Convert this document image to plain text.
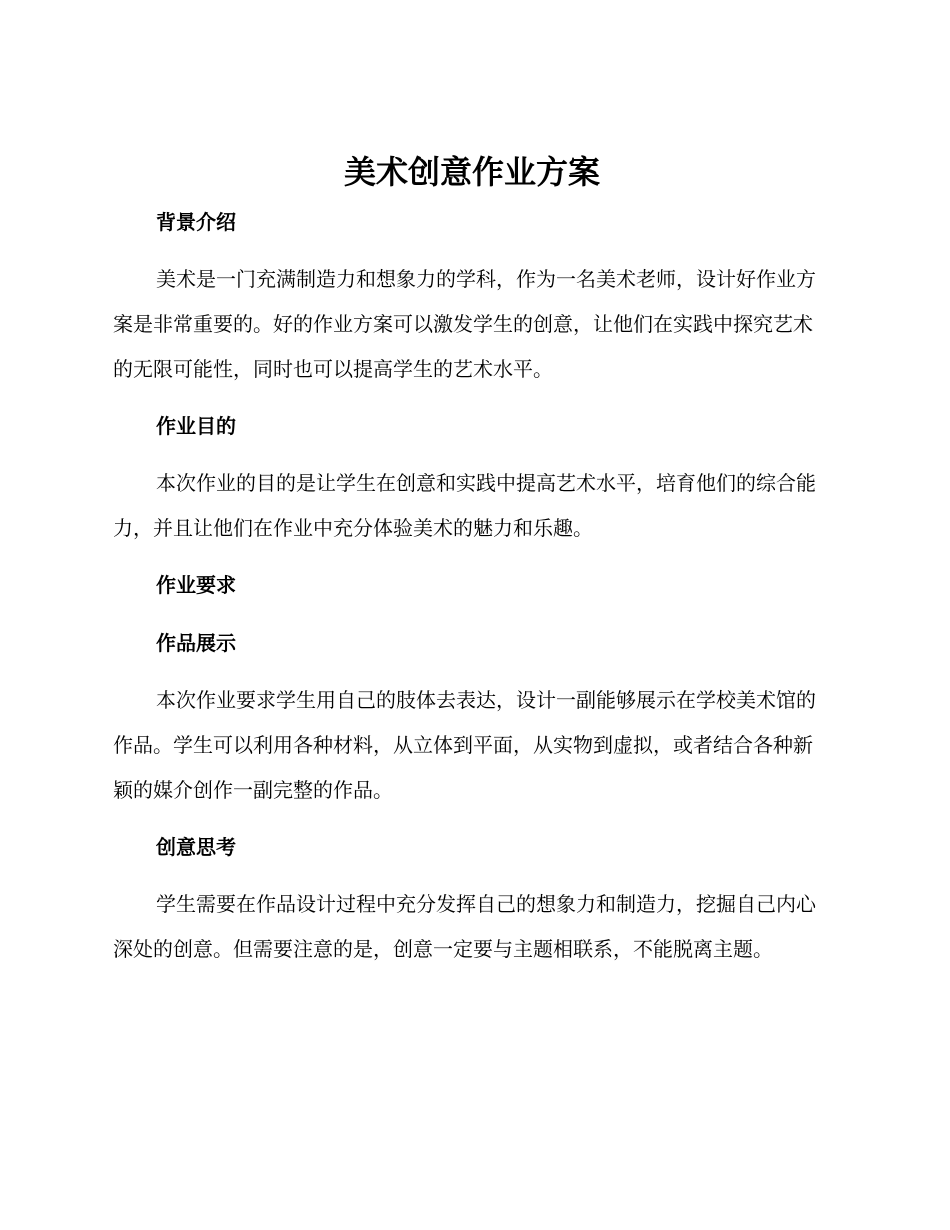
美术创意作业方案
背景介绍

美术是一门充满制造力和想象力的学科，作为一名美术老师，设计好作业方案是非常重要的。好的作业方案可以激发学生的创意，让他们在实践中探究艺术的无限可能性，同时也可以提高学生的艺术水平。

作业目的

本次作业的目的是让学生在创意和实践中提高艺术水平，培育他们的综合能力，并且让他们在作业中充分体验美术的魅力和乐趣。

作业要求
作品展示

本次作业要求学生用自己的肢体去表达，设计一副能够展示在学校美术馆的作品。学生可以利用各种材料，从立体到平面，从实物到虚拟，或者结合各种新颖的媒介创作一副完整的作品。

创意思考

学生需要在作品设计过程中充分发挥自己的想象力和制造力，挖掘自己内心深处的创意。但需要注意的是，创意一定要与主题相联系，不能脱离主题。
